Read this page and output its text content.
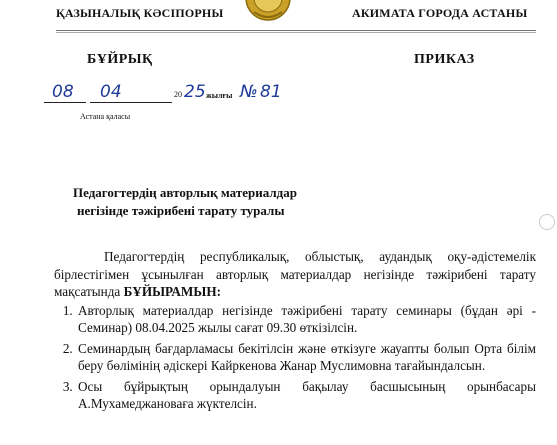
ҚАЗЫНАЛЫҚ КӘСІПОРНЫ	АКИМАТА ГОРОДА АСТАНЫ
БҰЙРЫҚ	ПРИКАЗ
08 04	20 25 жылғы № 81
Астана қаласы
Педагогтердің авторлық материалдар
негізінде тәжірибені тарату туралы

Педагогтердің республикалық, облыстық, аудандық оқу-әдістемелік бірлестігімен ұсынылған авторлық материалдар негізінде тәжірибені тарату мақсатында БҰЙЫРАМЫН:

1. Авторлық материалдар негізінде тәжірибені тарату семинары (бұдан әрі - Семинар) 08.04.2025 жылы сағат 09.30 өткізілсін.
2. Семинардың бағдарламасы бекітілсін және өткізуге жауапты болып Орта білім беру бөлімінің әдіскері Кайркенова Жанар Муслимовна тағайындалсын.
3. Осы бұйрықтың орындалуын бақылау басшысының орынбасары А.Мухамеджановаға жүктелсін.
